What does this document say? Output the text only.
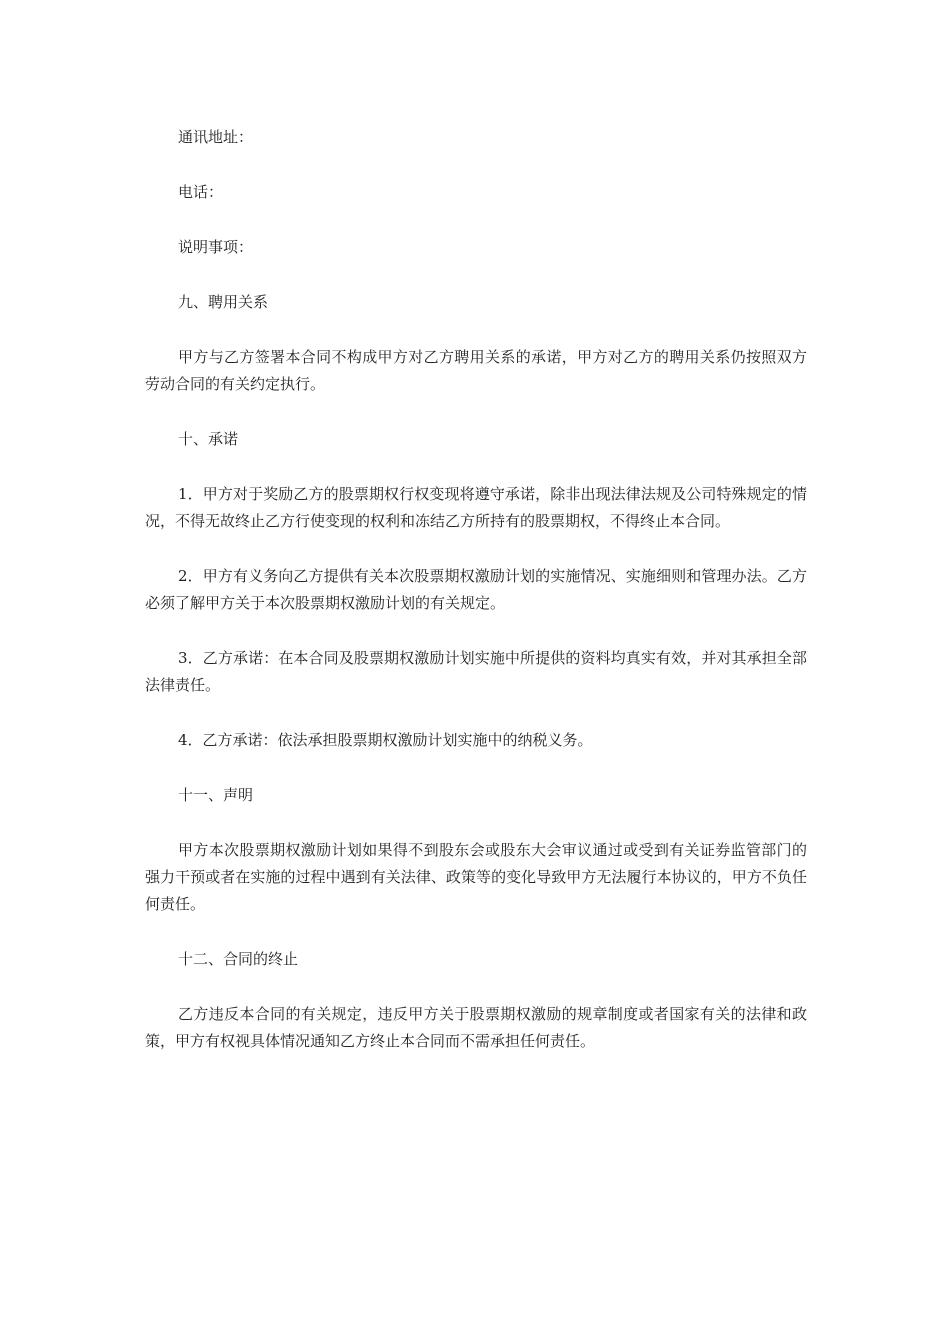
通讯地址：

电话：

说明事项：

九、聘用关系

甲方与乙方签署本合同不构成甲方对乙方聘用关系的承诺，甲方对乙方的聘用关系仍按照双方劳动合同的有关约定执行。

十、承诺

1．甲方对于奖励乙方的股票期权行权变现将遵守承诺，除非出现法律法规及公司特殊规定的情况，不得无故终止乙方行使变现的权利和冻结乙方所持有的股票期权，不得终止本合同。

2．甲方有义务向乙方提供有关本次股票期权激励计划的实施情况、实施细则和管理办法。乙方必须了解甲方关于本次股票期权激励计划的有关规定。

3．乙方承诺：在本合同及股票期权激励计划实施中所提供的资料均真实有效，并对其承担全部法律责任。

4．乙方承诺：依法承担股票期权激励计划实施中的纳税义务。

十一、声明

甲方本次股票期权激励计划如果得不到股东会或股东大会审议通过或受到有关证券监管部门的强力干预或者在实施的过程中遇到有关法律、政策等的变化导致甲方无法履行本协议的，甲方不负任何责任。

十二、合同的终止

乙方违反本合同的有关规定，违反甲方关于股票期权激励的规章制度或者国家有关的法律和政策，甲方有权视具体情况通知乙方终止本合同而不需承担任何责任。
